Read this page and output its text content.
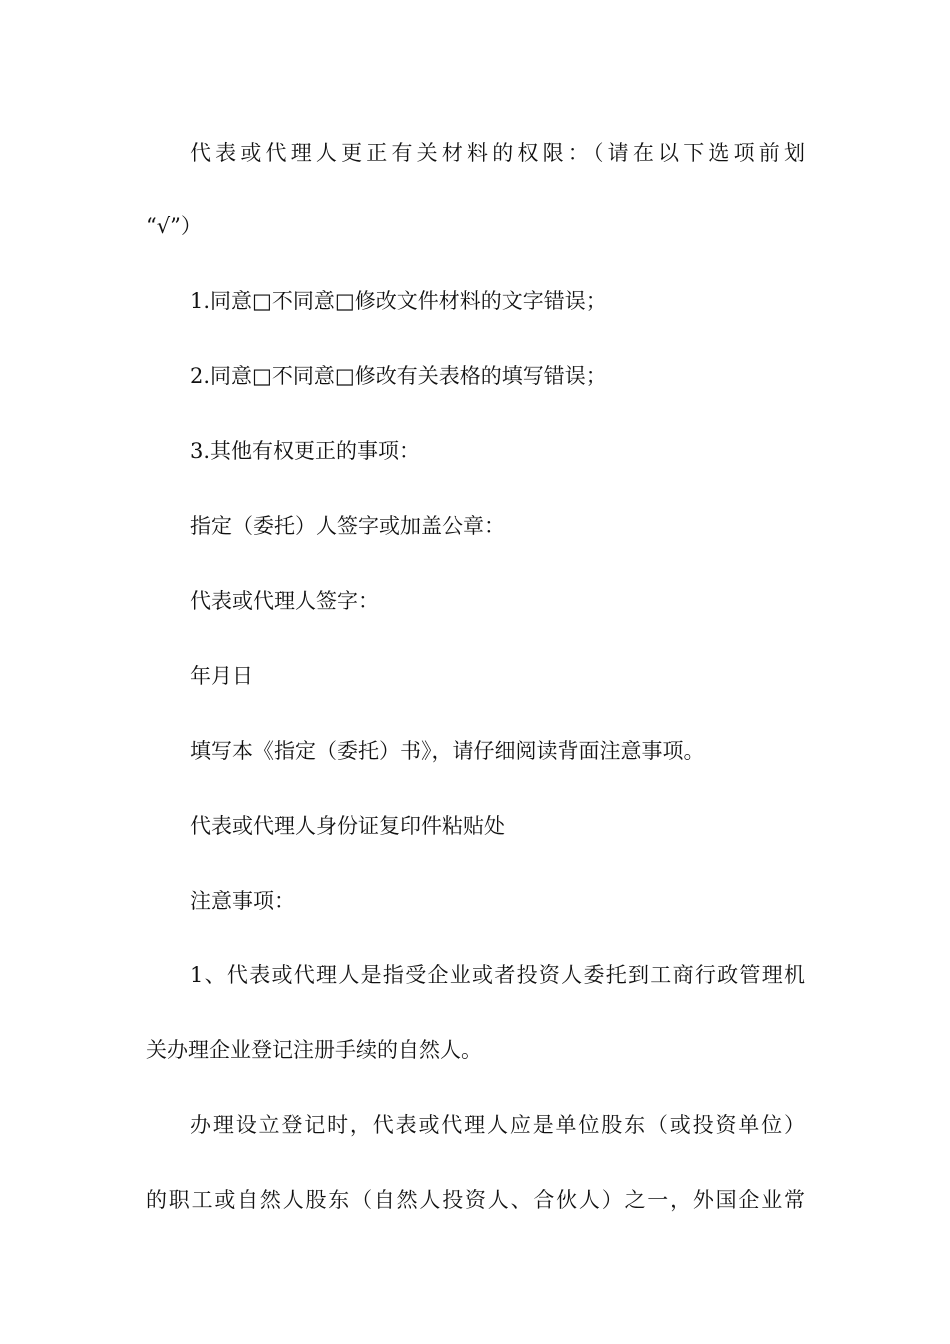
代表或代理人更正有关材料的权限：（请在以下选项前划
“√”）
1.同意□不同意□修改文件材料的文字错误；
2.同意□不同意□修改有关表格的填写错误；
3.其他有权更正的事项：
指定（委托）人签字或加盖公章：
代表或代理人签字：
年月日
填写本《指定（委托）书》，请仔细阅读背面注意事项。
代表或代理人身份证复印件粘贴处
注意事项：
1、代表或代理人是指受企业或者投资人委托到工商行政管理机
关办理企业登记注册手续的自然人。
办理设立登记时，代表或代理人应是单位股东（或投资单位）
的职工或自然人股东（自然人投资人、合伙人）之一，外国企业常
